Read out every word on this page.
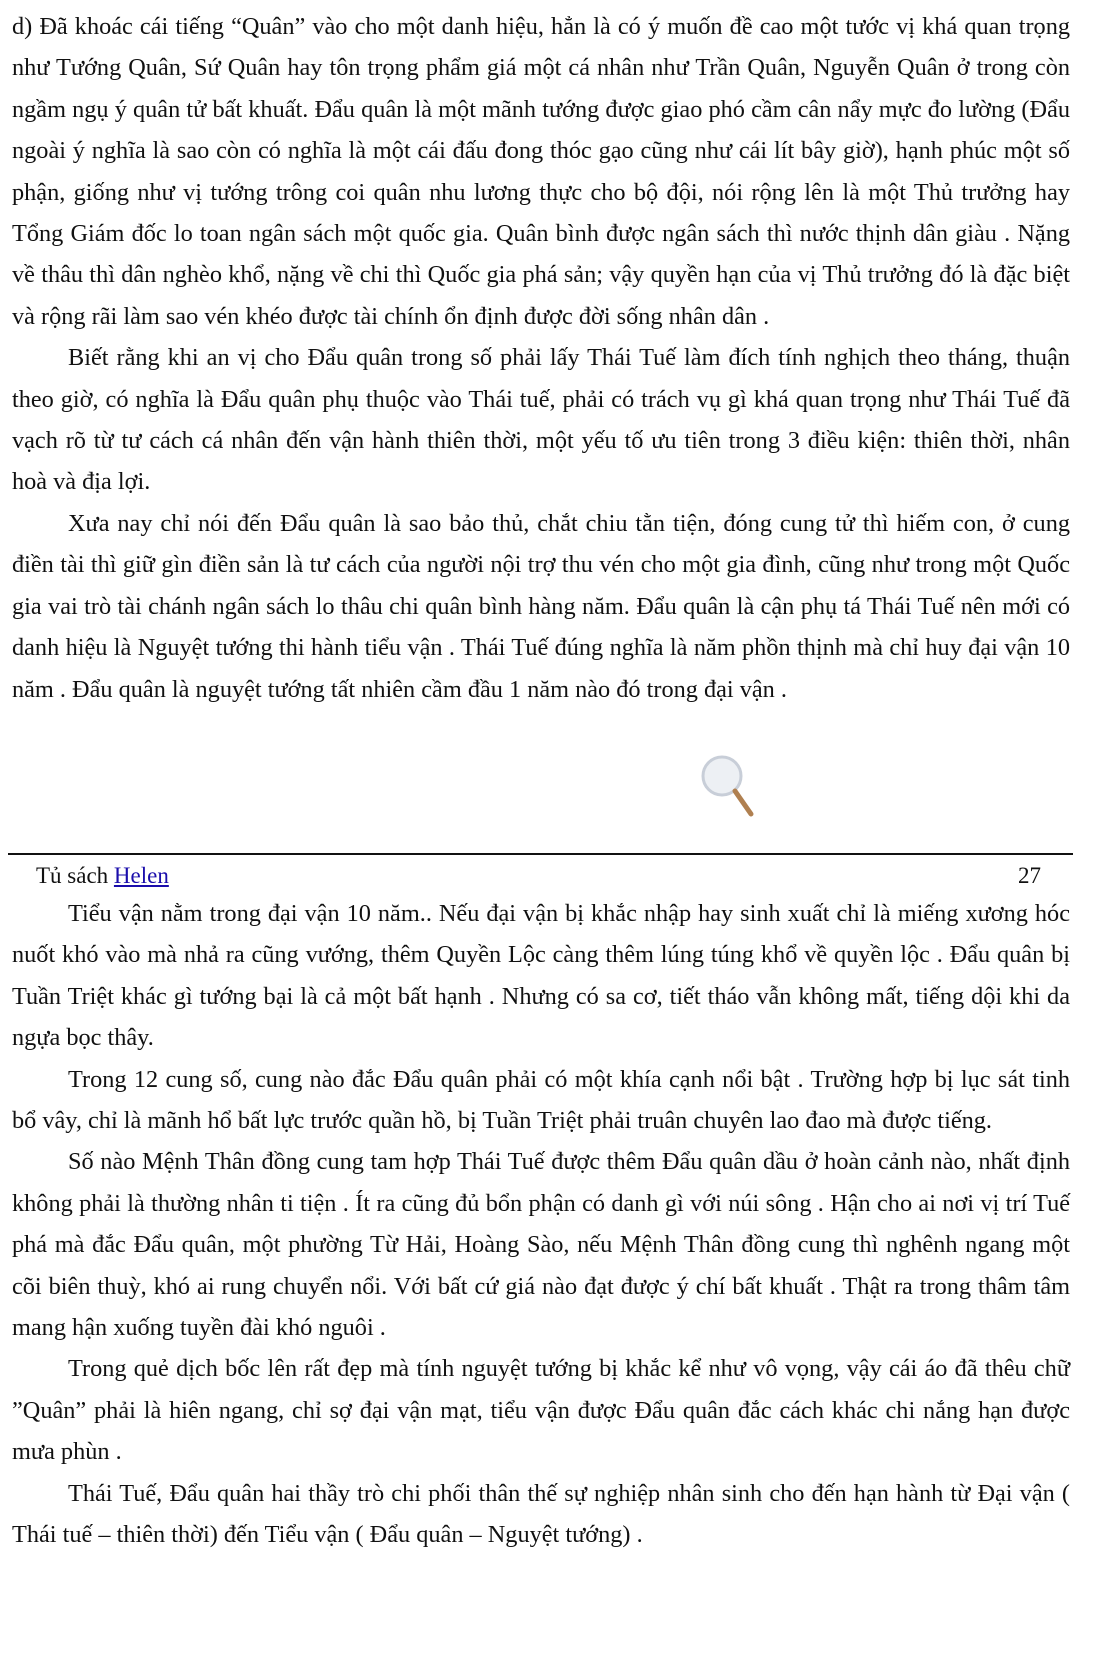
d) Đã khoác cái tiếng “Quân” vào cho một danh hiệu, hẳn là có ý muốn đề cao một tước vị khá quan trọng như Tướng Quân, Sứ Quân hay tôn trọng phẩm giá một cá nhân như Trần Quân, Nguyễn Quân ở trong còn ngầm ngụ ý quân tử bất khuất. Đẩu quân là một mãnh tướng được giao phó cầm cân nẩy mực đo lường (Đẩu ngoài ý nghĩa là sao còn có nghĩa là một cái đấu đong thóc gạo cũng như cái lít bây giờ), hạnh phúc một số phận, giống như vị tướng trông coi quân nhu lương thực cho bộ đội, nói rộng lên là một Thủ trưởng hay Tổng Giám đốc lo toan ngân sách một quốc gia. Quân bình được ngân sách thì nước thịnh dân giàu . Nặng về thâu thì dân nghèo khổ, nặng về chi thì Quốc gia phá sản; vậy quyền hạn của vị Thủ trưởng đó là đặc biệt và rộng rãi làm sao vén khéo được tài chính ổn định được đời sống nhân dân .

Biết rằng khi an vị cho Đẩu quân trong số phải lấy Thái Tuế làm đích tính nghịch theo tháng, thuận theo giờ, có nghĩa là Đẩu quân phụ thuộc vào Thái tuế, phải có trách vụ gì khá quan trọng như Thái Tuế đã vạch rõ từ tư cách cá nhân đến vận hành thiên thời, một yếu tố ưu tiên trong 3 điều kiện: thiên thời, nhân hoà và địa lợi.

Xưa nay chỉ nói đến Đẩu quân là sao bảo thủ, chắt chiu tằn tiện, đóng cung tử thì hiếm con, ở cung điền tài thì giữ gìn điền sản là tư cách của người nội trợ thu vén cho một gia đình, cũng như trong một Quốc gia vai trò tài chánh ngân sách lo thâu chi quân bình hàng năm. Đẩu quân là cận phụ tá Thái Tuế nên mới có danh hiệu là Nguyệt tướng thi hành tiểu vận . Thái Tuế đúng nghĩa là năm phồn thịnh mà chỉ huy đại vận 10 năm . Đẩu quân là nguyệt tướng tất nhiên cầm đầu 1 năm nào đó trong đại vận .

Tủ sách Helen	27

Tiểu vận nằm trong đại vận 10 năm.. Nếu đại vận bị khắc nhập hay sinh xuất chỉ là miếng xương hóc nuốt khó vào mà nhả ra cũng vướng, thêm Quyền Lộc càng thêm lúng túng khổ về quyền lộc . Đẩu quân bị Tuần Triệt khác gì tướng bại là cả một bất hạnh . Nhưng có sa cơ, tiết tháo vẫn không mất, tiếng dội khi da ngựa bọc thây.

Trong 12 cung số, cung nào đắc Đẩu quân phải có một khía cạnh nổi bật . Trường hợp bị lục sát tinh bổ vây, chỉ là mãnh hổ bất lực trước quần hồ, bị Tuần Triệt phải truân chuyên lao đao mà được tiếng.

Số nào Mệnh Thân đồng cung tam hợp Thái Tuế được thêm Đẩu quân dầu ở hoàn cảnh nào, nhất định không phải là thường nhân ti tiện . Ít ra cũng đủ bổn phận có danh gì với núi sông . Hận cho ai nơi vị trí Tuế phá mà đắc Đẩu quân, một phường Từ Hải, Hoàng Sào, nếu Mệnh Thân đồng cung thì nghênh ngang một cõi biên thuỳ, khó ai rung chuyển nổi. Với bất cứ giá nào đạt được ý chí bất khuất . Thật ra trong thâm tâm mang hận xuống tuyền đài khó nguôi .

Trong quẻ dịch bốc lên rất đẹp mà tính nguyệt tướng bị khắc kể như vô vọng, vậy cái áo đã thêu chữ ”Quân” phải là hiên ngang, chỉ sợ đại vận mạt, tiểu vận được Đẩu quân đắc cách khác chi nắng hạn được mưa phùn .

Thái Tuế, Đẩu quân hai thầy trò chi phối thân thế sự nghiệp nhân sinh cho đến hạn hành từ Đại vận ( Thái tuế – thiên thời) đến Tiểu vận ( Đẩu quân – Nguyệt tướng) .
